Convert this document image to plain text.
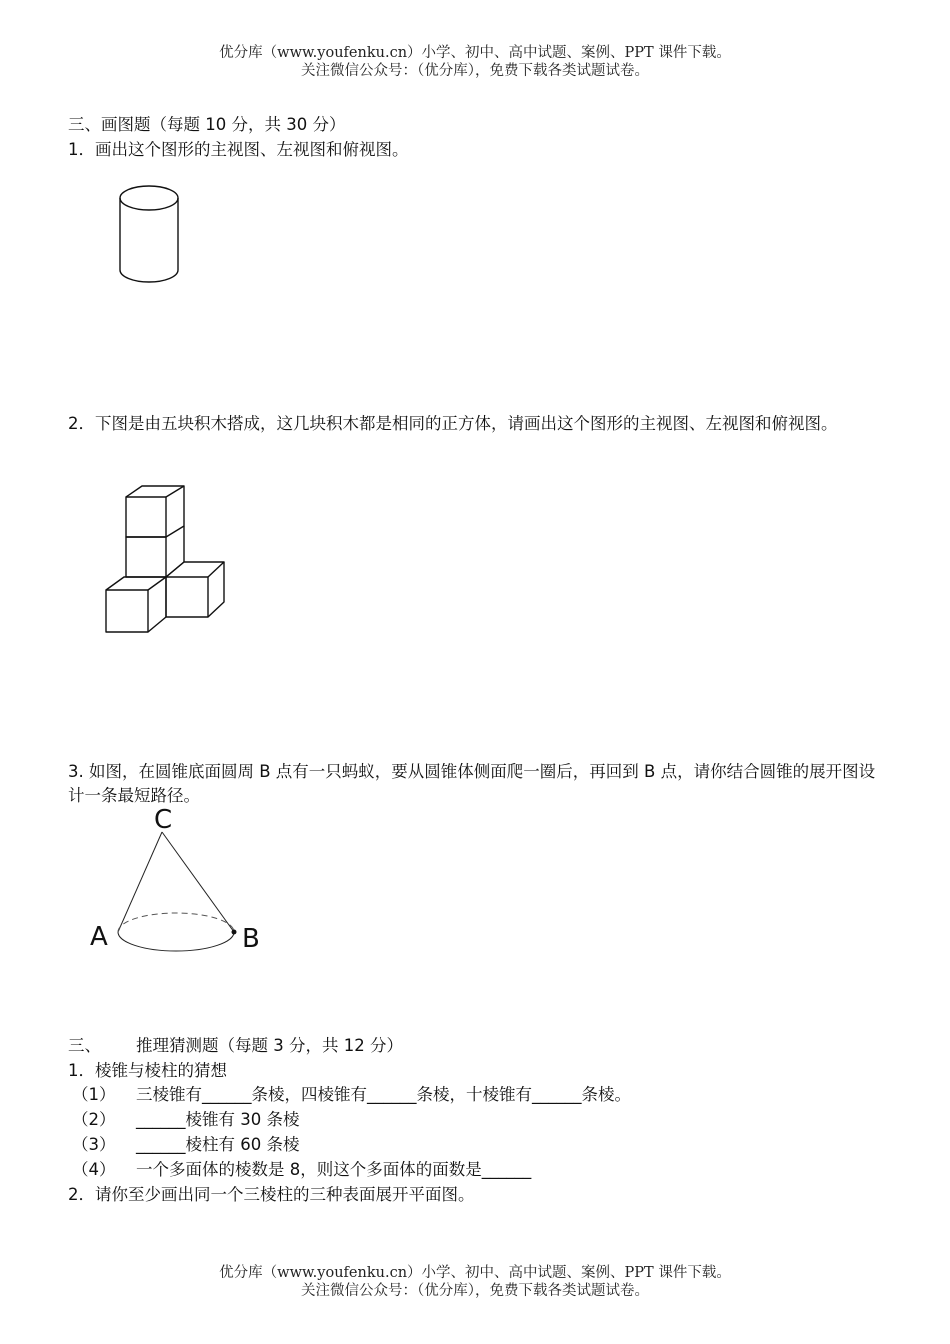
优分库（www.youfenku.cn）小学、初中、高中试题、案例、PPT 课件下载。
关注微信公众号：（优分库），免费下载各类试题试卷。
三、画图题（每题 10 分，共 30 分）
1．画出这个图形的主视图、左视图和俯视图。
2．下图是由五块积木搭成，这几块积木都是相同的正方体，请画出这个图形的主视图、左视图和俯视图。
3. 如图，在圆锥底面圆周 B 点有一只蚂蚁，要从圆锥体侧面爬一圈后，再回到 B 点，请你结合圆锥的展开图设计一条最短路径。
C
A	B
三、 推理猜测题（每题 3 分，共 12 分）
1．棱锥与棱柱的猜想
（1） 三棱锥有______条棱，四棱锥有______条棱，十棱锥有______条棱。
（2） ______棱锥有 30 条棱
（3） ______棱柱有 60 条棱
（4） 一个多面体的棱数是 8，则这个多面体的面数是______
2．请你至少画出同一个三棱柱的三种表面展开平面图。
优分库（www.youfenku.cn）小学、初中、高中试题、案例、PPT 课件下载。
关注微信公众号：（优分库），免费下载各类试题试卷。
